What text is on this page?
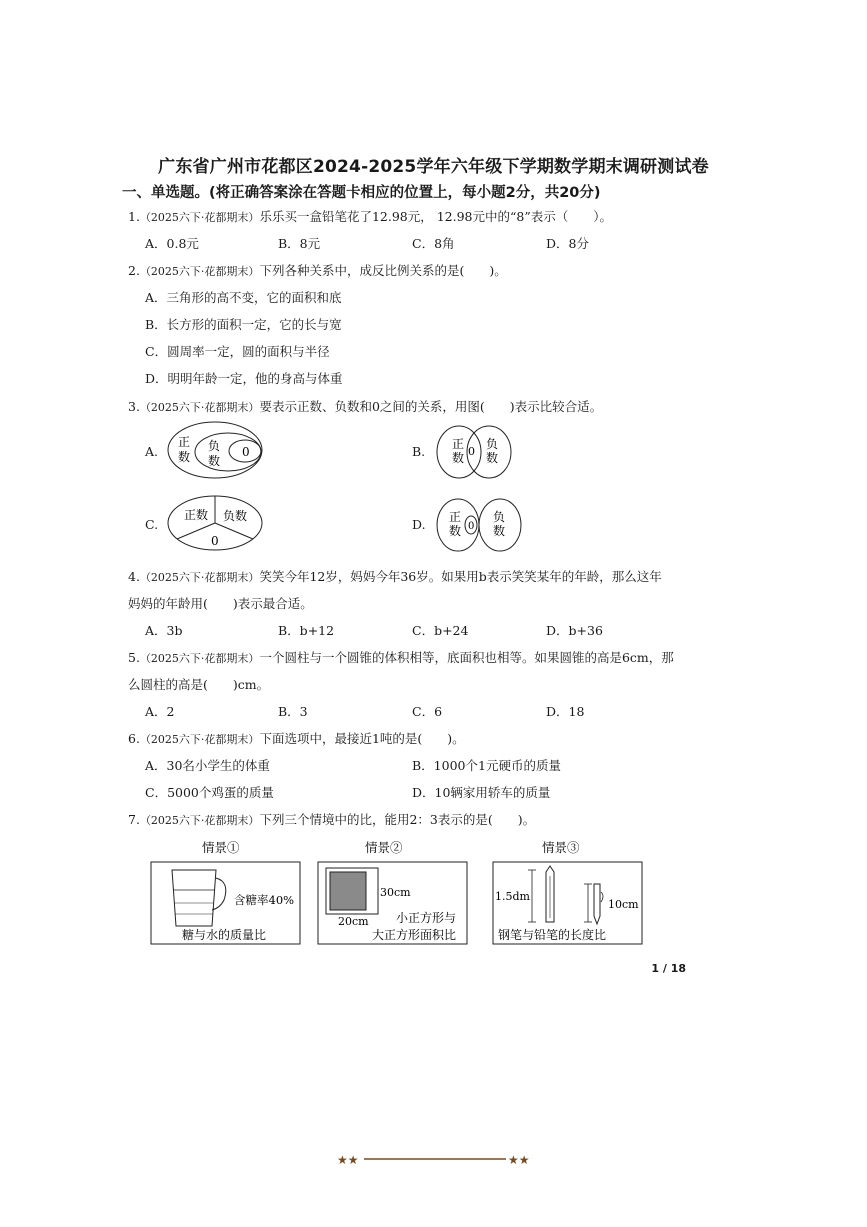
广东省广州市花都区2024-2025学年六年级下学期数学期末调研测试卷
一、单选题。(将正确答案涂在答题卡相应的位置上，每小题2分，共20分)
1.（2025六下·花都期末）乐乐买一盒铅笔花了12.98元， 12.98元中的“8”表示（　　）。
A．0.8元	B．8元	C．8角	D．8分
2.（2025六下·花都期末）下列各种关系中，成反比例关系的是(　　)。
A．三角形的高不变，它的面积和底
B．长方形的面积一定，它的长与宽
C．圆周率一定，圆的面积与半径
D．明明年龄一定，他的身高与体重
3.（2025六下·花都期末）要表示正数、负数和0之间的关系，用图(　　)表示比较合适。
A.
正
数
负
数
0	B. 正
数 0
负
数
C.
正数 负数
0
D. 正
数 0
负
数
4.（2025六下·花都期末）笑笑今年12岁，妈妈今年36岁。如果用b表示笑笑某年的年龄，那么这年
妈妈的年龄用(　　)表示最合适。
A．3b	B．b+12	C．b+24	D．b+36
5.（2025六下·花都期末）一个圆柱与一个圆锥的体积相等，底面积也相等。如果圆锥的高是6cm，那
么圆柱的高是(　　)cm。
A．2	B．3	C．6	D．18
6.（2025六下·花都期末）下面选项中，最接近1吨的是(　　)。
A．30名小学生的体重	B．1000个1元硬币的质量
C．5000个鸡蛋的质量	D．10辆家用轿车的质量
7.（2025六下·花都期末）下列三个情境中的比，能用2：3表示的是(　　)。
情景①
含糖率40%
糖与水的质量比
情景②
30cm
20cm 小正方形与
大正方形面积比
情景③
1.5dm
10cm
钢笔与铅笔的长度比
1 / 18
★★	★★
